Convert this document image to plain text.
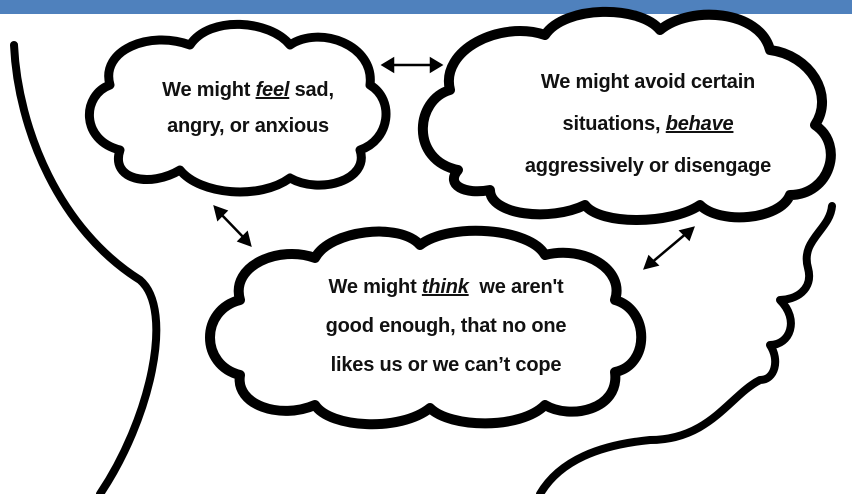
We might feel sad,
angry, or anxious
We might avoid certain
situations, behave
aggressively or disengage
We might think  we aren't
good enough, that no one
likes us or we can’t cope
